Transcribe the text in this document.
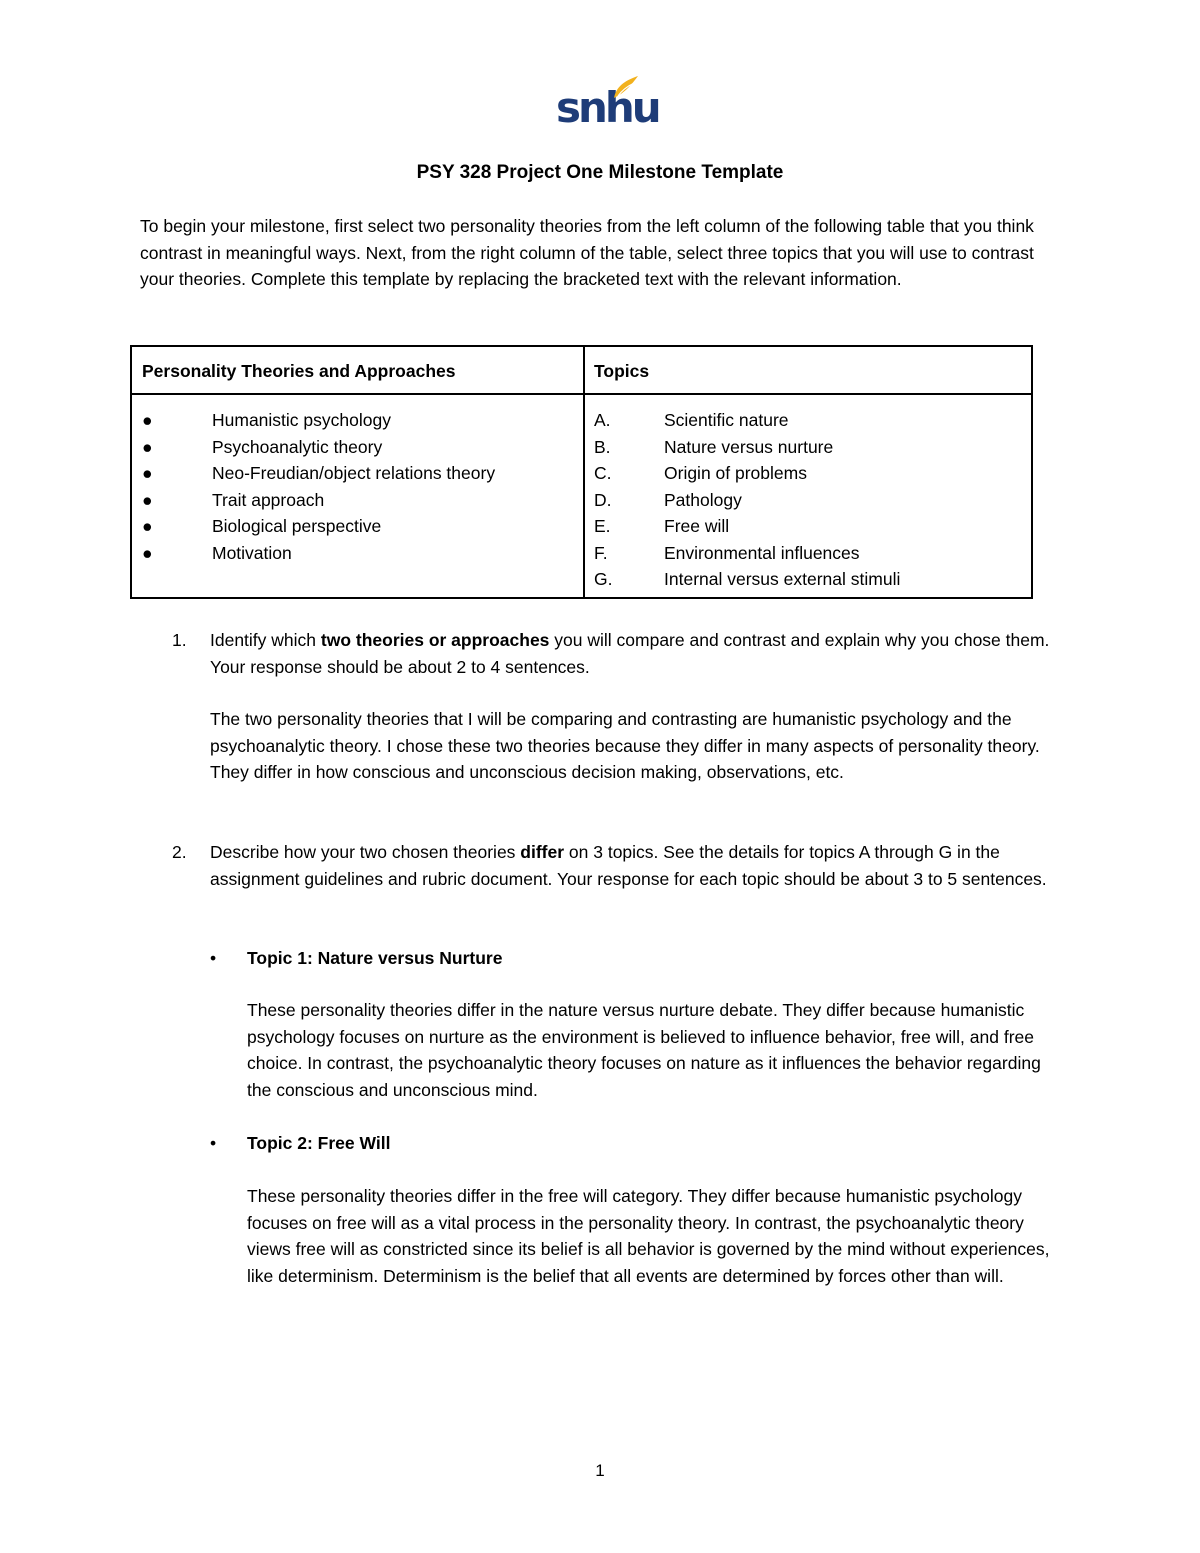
snhu
PSY 328 Project One Milestone Template
To begin your milestone, first select two personality theories from the left column of the following table that you think contrast in meaningful ways. Next, from the right column of the table, select three topics that you will use to contrast your theories. Complete this template by replacing the bracketed text with the relevant information.
Personality Theories and Approaches	Topics
●	Humanistic psychology
●	Psychoanalytic theory
●	Neo-Freudian/object relations theory
●	Trait approach
●	Biological perspective
●	Motivation
A.	Scientific nature
B.	Nature versus nurture
C.	Origin of problems
D.	Pathology
E.	Free will
F.	Environmental influences
G.	Internal versus external stimuli
1. Identify which two theories or approaches you will compare and contrast and explain why you chose them. Your response should be about 2 to 4 sentences.
The two personality theories that I will be comparing and contrasting are humanistic psychology and the psychoanalytic theory. I chose these two theories because they differ in many aspects of personality theory. They differ in how conscious and unconscious decision making, observations, etc.
2. Describe how your two chosen theories differ on 3 topics. See the details for topics A through G in the assignment guidelines and rubric document. Your response for each topic should be about 3 to 5 sentences.
• Topic 1: Nature versus Nurture
These personality theories differ in the nature versus nurture debate. They differ because humanistic psychology focuses on nurture as the environment is believed to influence behavior, free will, and free choice. In contrast, the psychoanalytic theory focuses on nature as it influences the behavior regarding the conscious and unconscious mind.
• Topic 2: Free Will
These personality theories differ in the free will category. They differ because humanistic psychology focuses on free will as a vital process in the personality theory. In contrast, the psychoanalytic theory views free will as constricted since its belief is all behavior is governed by the mind without experiences, like determinism. Determinism is the belief that all events are determined by forces other than will.
1
